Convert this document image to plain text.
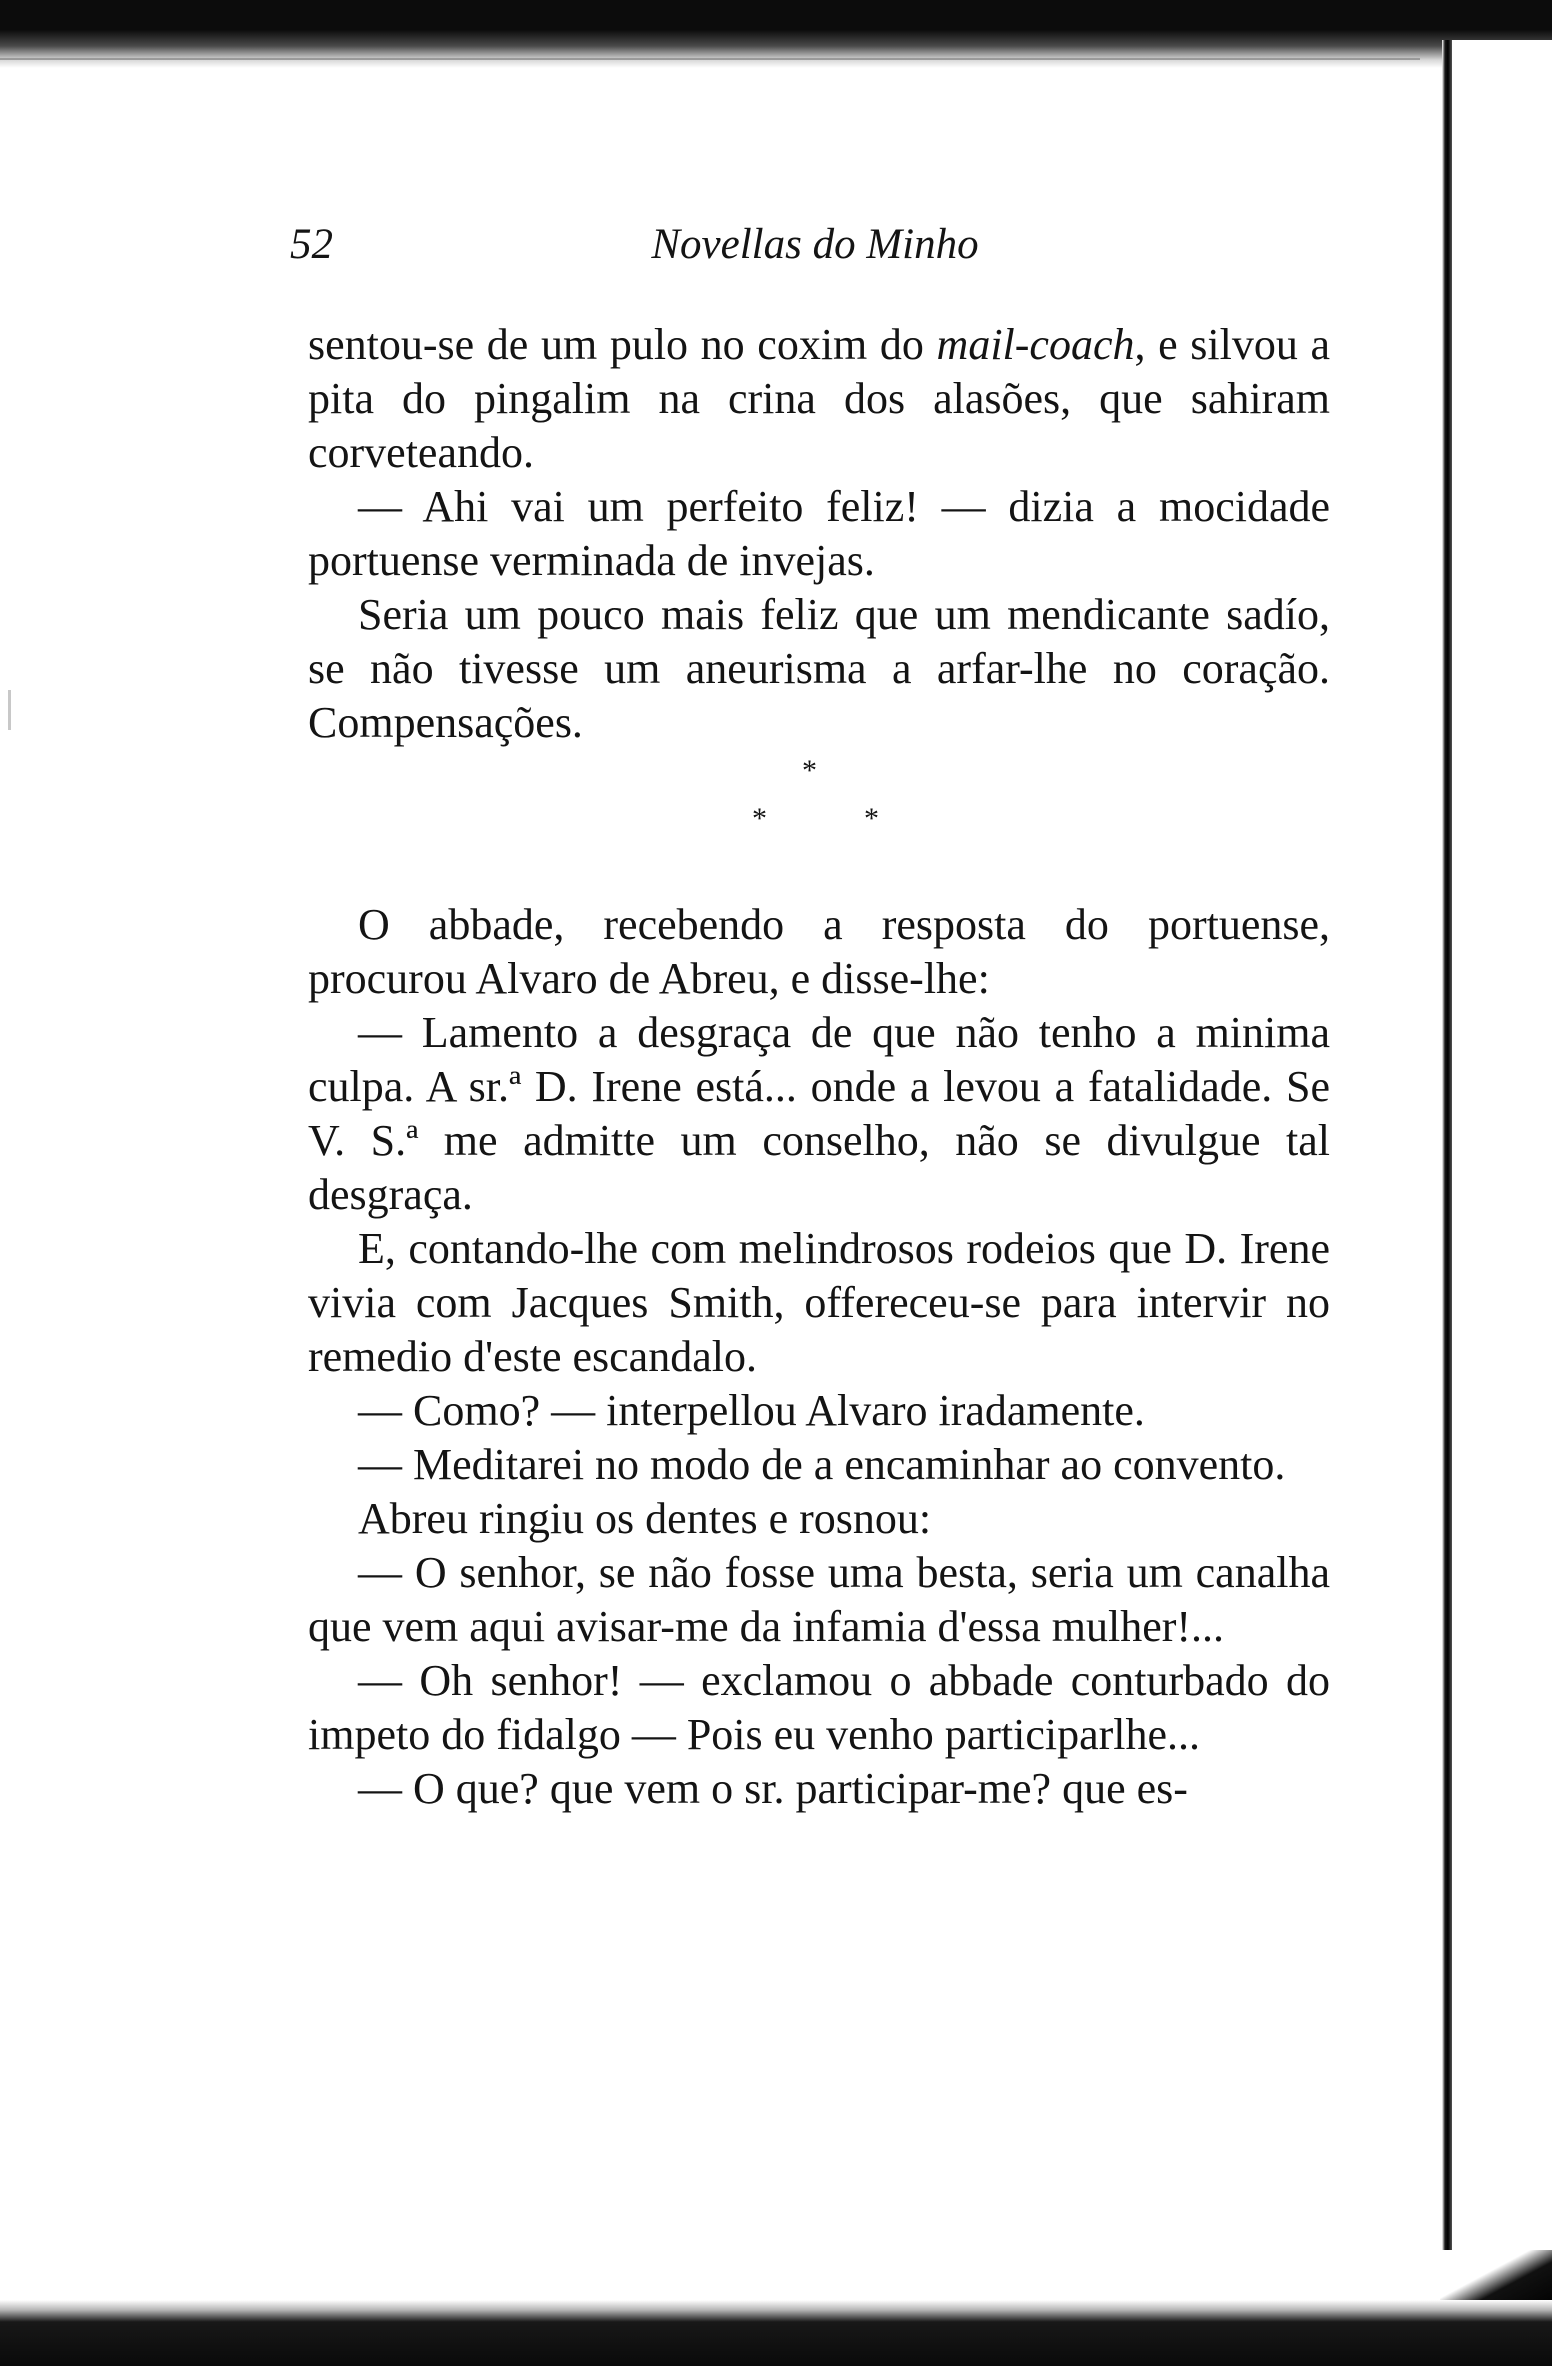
Novellas do Minho
52

sentou-se de um pulo no coxim do mail-coach, e silvou a pita do pingalim na crina dos alasões, que sahiram corveteando.

— Ahi vai um perfeito feliz! — dizia a mocidade portuense verminada de invejas.

Seria um pouco mais feliz que um mendicante sadío, se não tivesse um aneurisma a arfar-lhe no coração. Compensações.

*
*	*

O abbade, recebendo a resposta do portuense, procurou Alvaro de Abreu, e disse-lhe:

— Lamento a desgraça de que não tenho a minima culpa. A sr.ª D. Irene está... onde a levou a fatalidade. Se V. S.ª me admitte um conselho, não se divulgue tal desgraça.

E, contando-lhe com melindrosos rodeios que D. Irene vivia com Jacques Smith, offereceu-se para intervir no remedio d'este escandalo.

— Como? — interpellou Alvaro iradamente.

— Meditarei no modo de a encaminhar ao convento.

Abreu ringiu os dentes e rosnou:

— O senhor, se não fosse uma besta, seria um canalha que vem aqui avisar-me da infamia d'essa mulher!...

— Oh senhor! — exclamou o abbade conturbado do impeto do fidalgo — Pois eu venho participarlhe...

— O que? que vem o sr. participar-me? que es-
